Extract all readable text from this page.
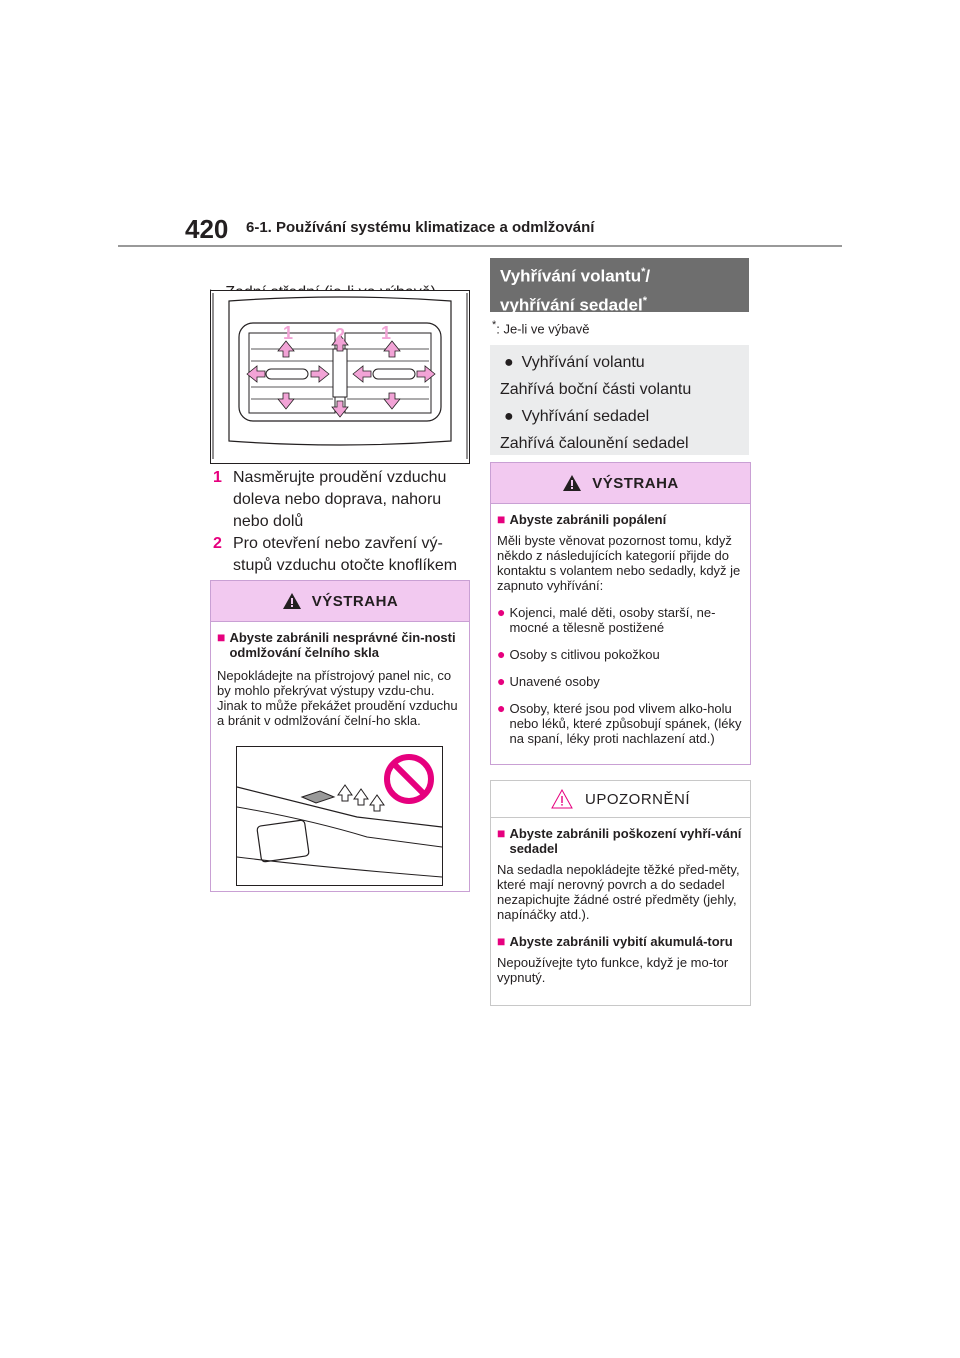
420 6-1. Používání systému klimatizace a odmlžování
1 2 1
1 Nasměrujte proudění vzduchu doleva nebo doprava, nahoru nebo dolů
2 Pro otevření nebo zavření vý-stupů vzduchu otočte knoflíkem
VÝSTRAHA
■ Abyste zabránili nesprávné čin-nosti odmlžování čelního skla
Nepokládejte na přístrojový panel nic, co by mohlo překrývat výstupy vzdu-chu. Jinak to může překážet proudění vzduchu a bránit v odmlžování čelní-ho skla.
Vyhřívání volantu*/
vyhřívání sedadel*
*: Je-li ve výbavě
● Vyhřívání volantu
Zahřívá boční části volantu
● Vyhřívání sedadel
Zahřívá čalounění sedadel
VÝSTRAHA
■ Abyste zabránili popálení
Měli byste věnovat pozornost tomu, když někdo z následujících kategorií přijde do kontaktu s volantem nebo sedadly, když je zapnuto vyhřívání:
● Kojenci, malé děti, osoby starší, ne-mocné a tělesně postižené
● Osoby s citlivou pokožkou
● Unavené osoby
● Osoby, které jsou pod vlivem alko-holu nebo léků, které způsobují spánek, (léky na spaní, léky proti nachlazení atd.)
UPOZORNĚNÍ
■ Abyste zabránili poškození vyhří-vání sedadel
Na sedadla nepokládejte těžké před-měty, které mají nerovný povrch a do sedadel nezapichujte žádné ostré předměty (jehly, napínáčky atd.).
■ Abyste zabránili vybití akumulá-toru
Nepoužívejte tyto funkce, když je mo-tor vypnutý.
